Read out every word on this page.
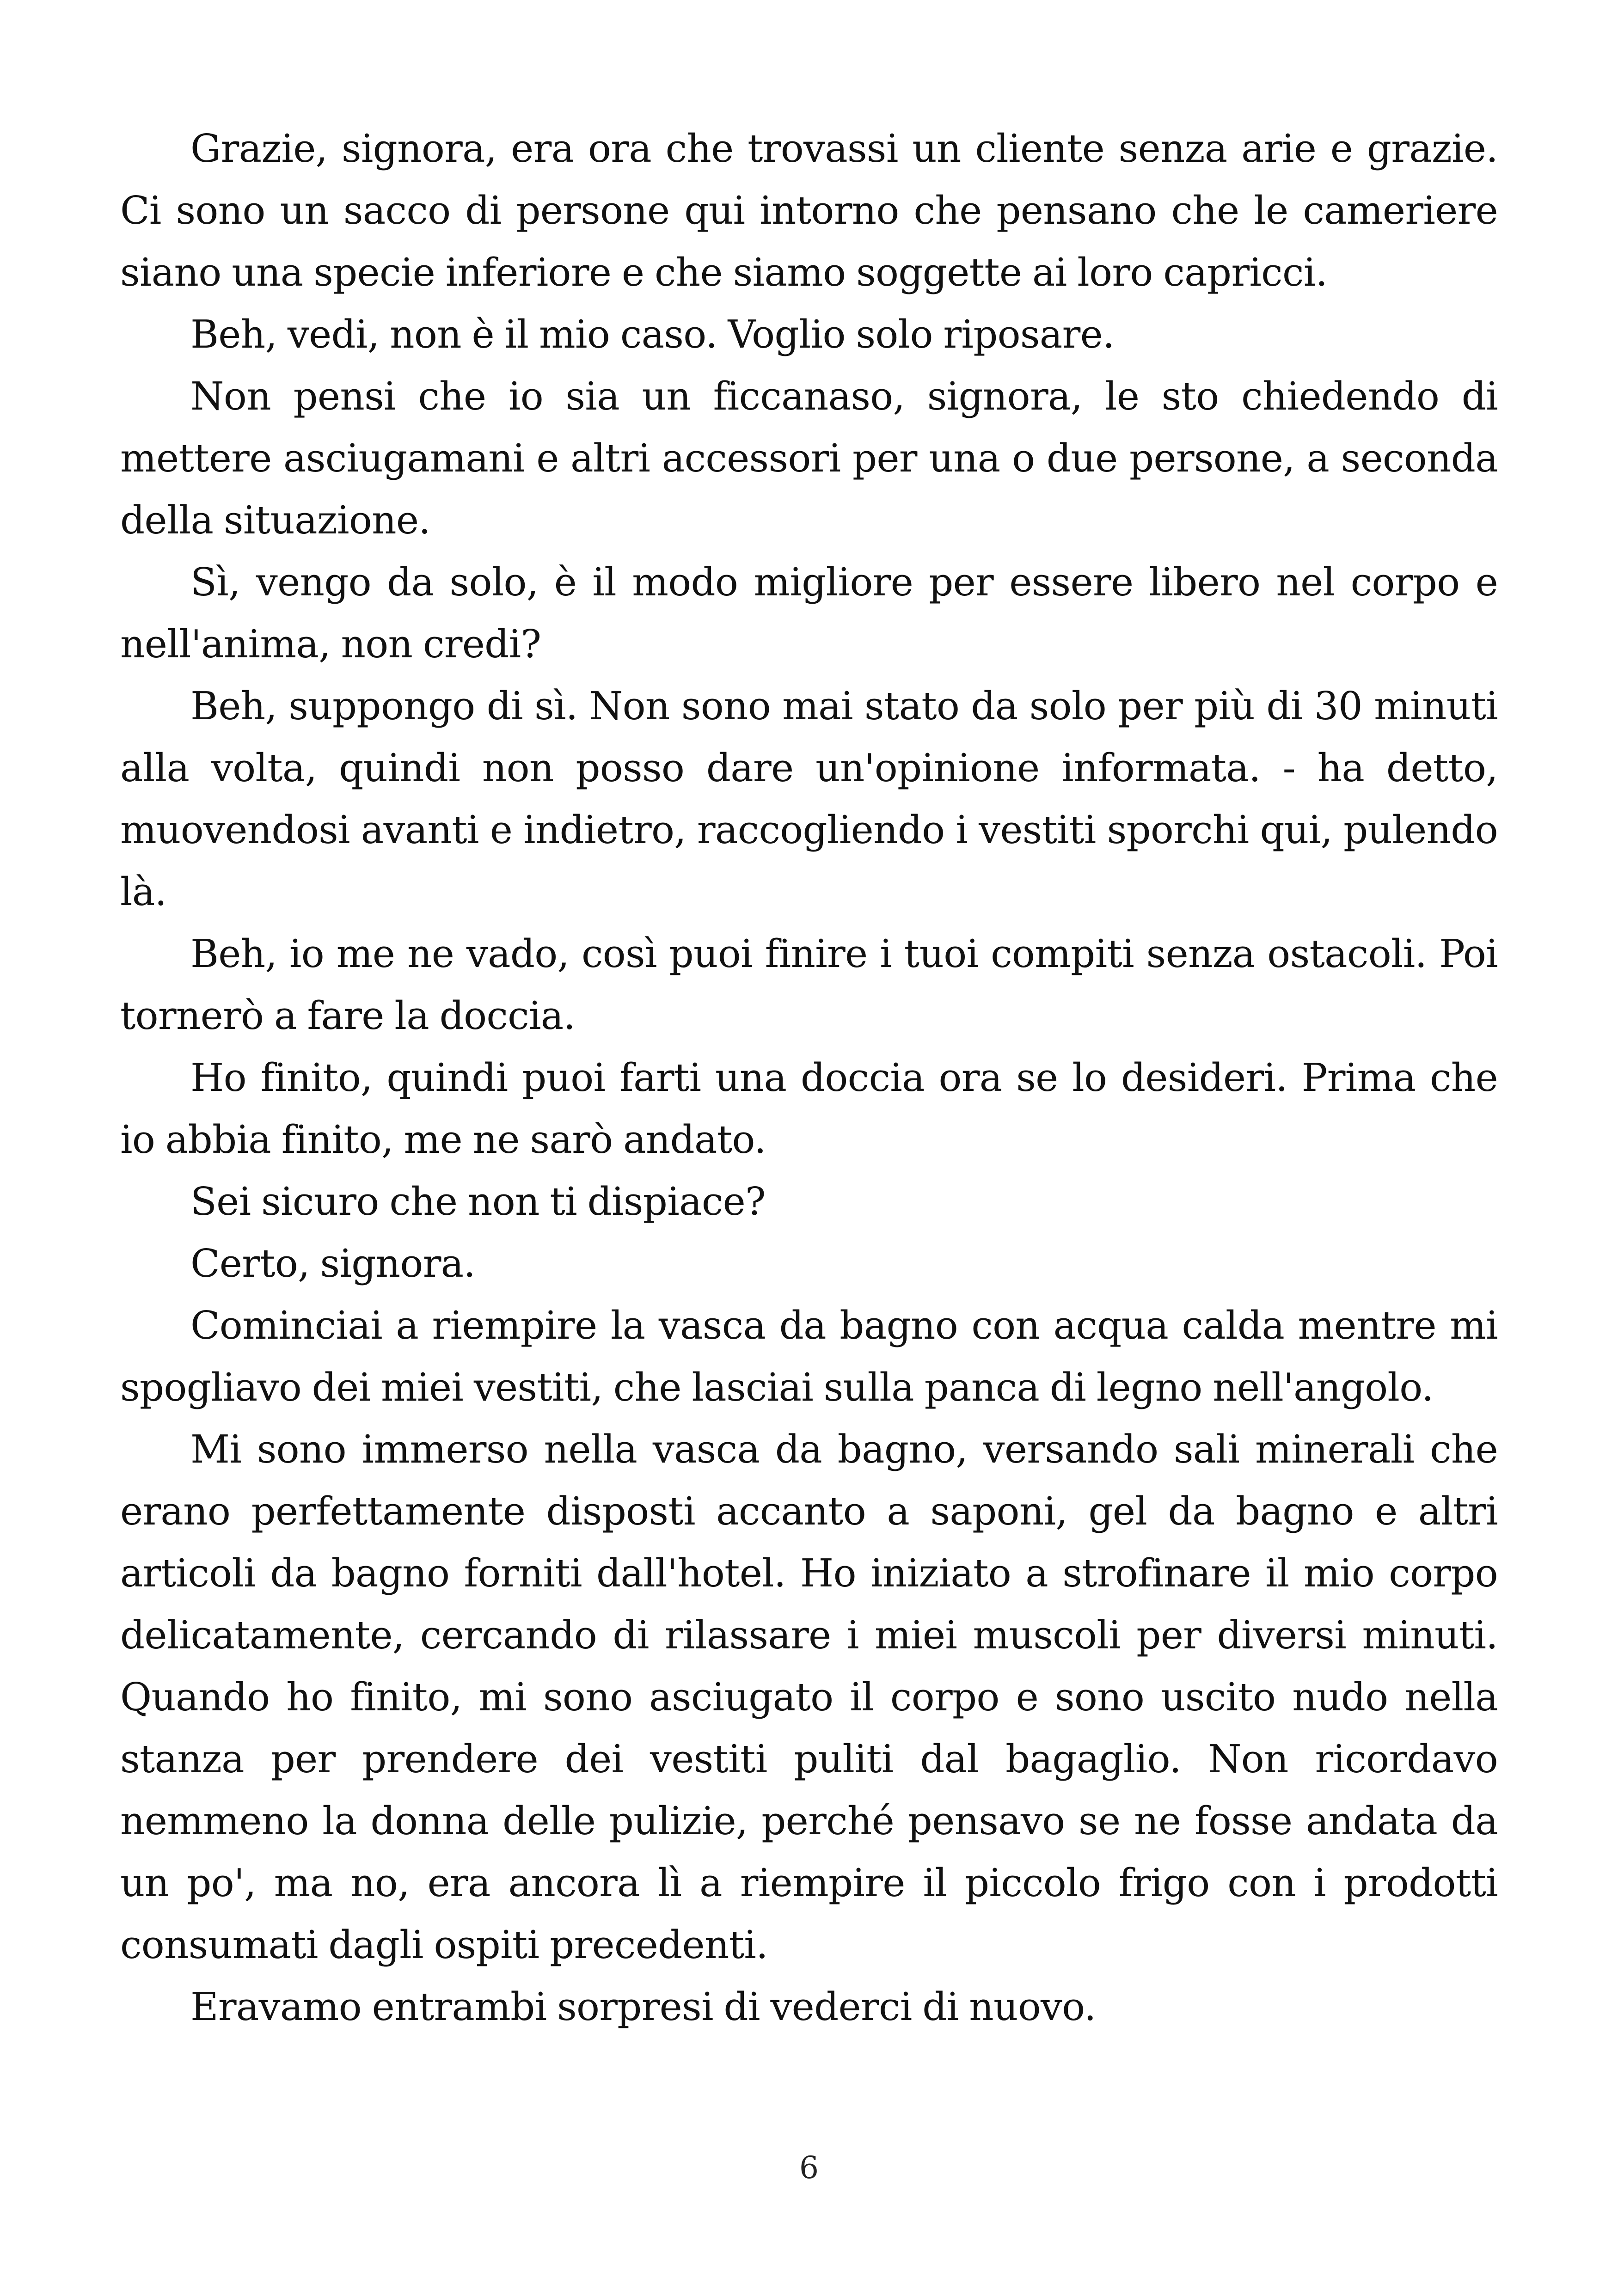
Grazie, signora, era ora che trovassi un cliente senza arie e grazie. Ci sono un sacco di persone qui intorno che pensano che le cameriere siano una specie inferiore e che siamo soggette ai loro capricci.

Beh, vedi, non è il mio caso. Voglio solo riposare.

Non pensi che io sia un ficcanaso, signora, le sto chiedendo di mettere asciugamani e altri accessori per una o due persone, a seconda della situazione.

Sì, vengo da solo, è il modo migliore per essere libero nel corpo e nell'anima, non credi?

Beh, suppongo di sì. Non sono mai stato da solo per più di 30 minuti alla volta, quindi non posso dare un'opinione informata. - ha detto, muovendosi avanti e indietro, raccogliendo i vestiti sporchi qui, pulendo là.

Beh, io me ne vado, così puoi finire i tuoi compiti senza ostacoli. Poi tornerò a fare la doccia.

Ho finito, quindi puoi farti una doccia ora se lo desideri. Prima che io abbia finito, me ne sarò andato.

Sei sicuro che non ti dispiace?

Certo, signora.

Cominciai a riempire la vasca da bagno con acqua calda mentre mi spogliavo dei miei vestiti, che lasciai sulla panca di legno nell'angolo.

Mi sono immerso nella vasca da bagno, versando sali minerali che erano perfettamente disposti accanto a saponi, gel da bagno e altri articoli da bagno forniti dall'hotel. Ho iniziato a strofinare il mio corpo delicatamente, cercando di rilassare i miei muscoli per diversi minuti. Quando ho finito, mi sono asciugato il corpo e sono uscito nudo nella stanza per prendere dei vestiti puliti dal bagaglio. Non ricordavo nemmeno la donna delle pulizie, perché pensavo se ne fosse andata da un po', ma no, era ancora lì a riempire il piccolo frigo con i prodotti consumati dagli ospiti precedenti.

Eravamo entrambi sorpresi di vederci di nuovo.

6
